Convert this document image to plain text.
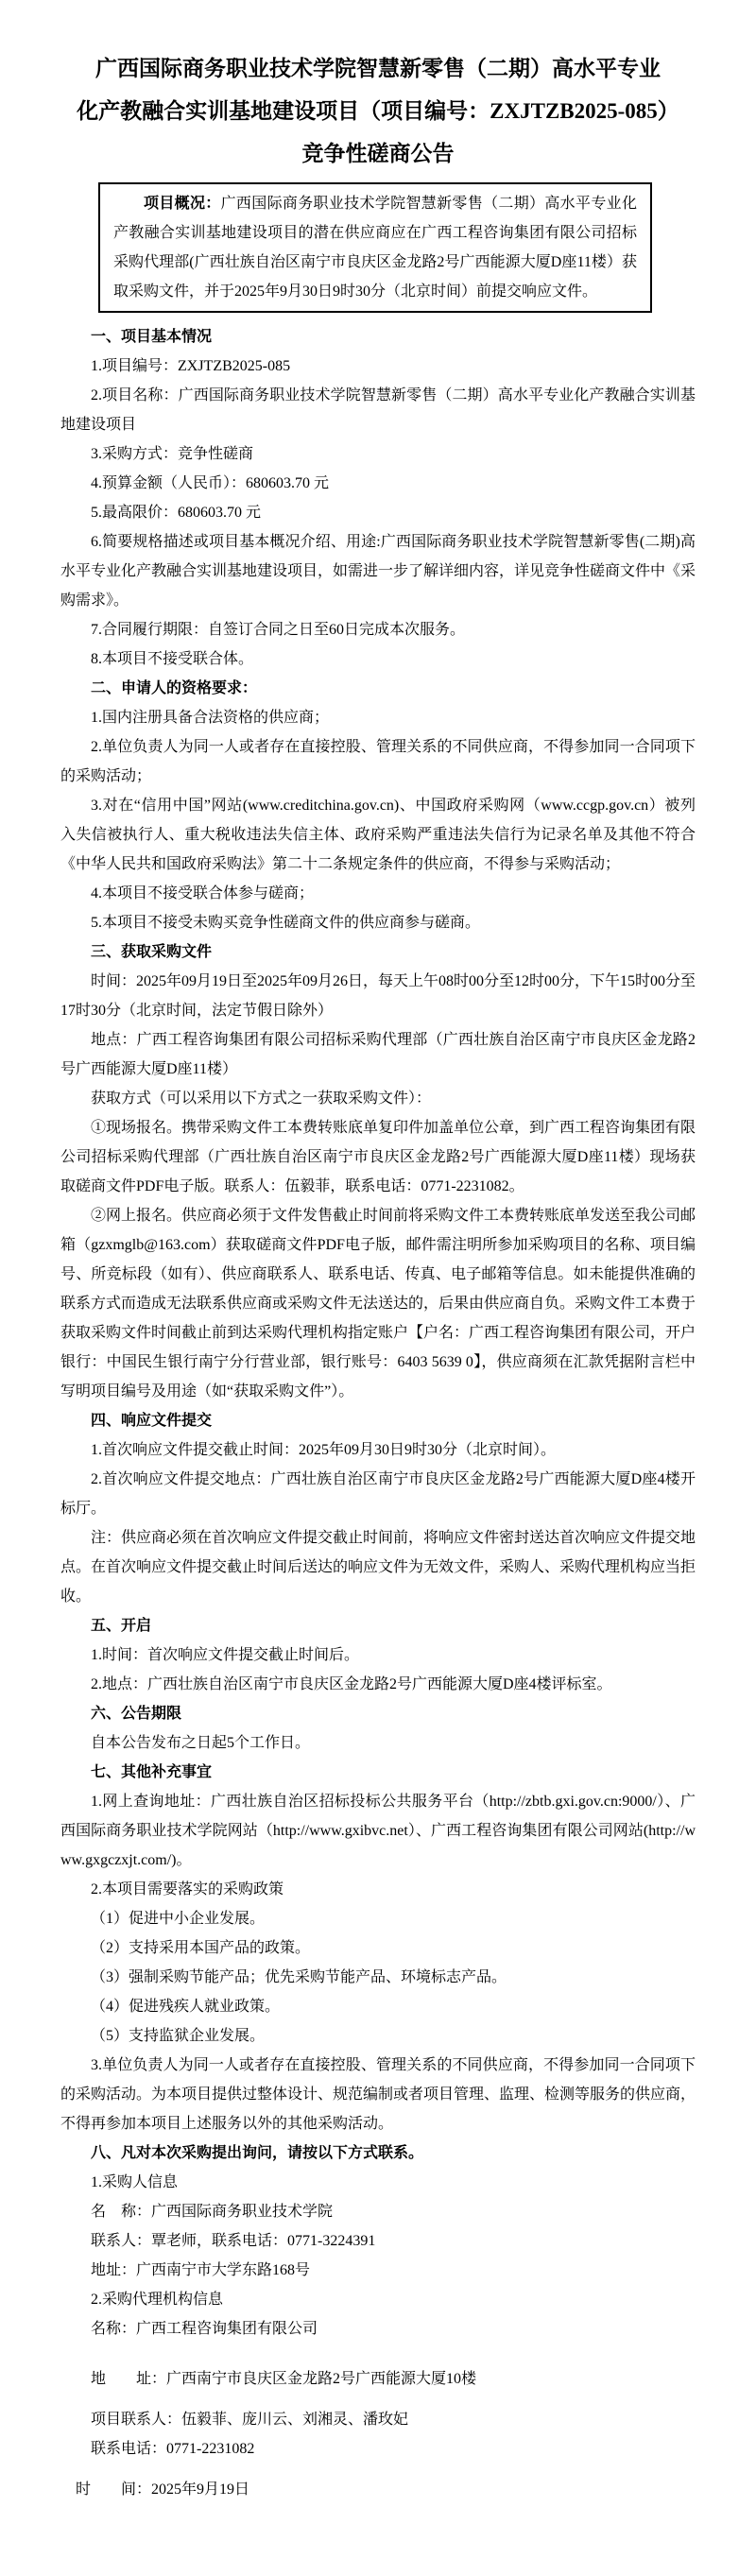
广西国际商务职业技术学院智慧新零售（二期）高水平专业
化产教融合实训基地建设项目（项目编号：ZXJTZB2025-085）
竞争性磋商公告

项目概况：广西国际商务职业技术学院智慧新零售（二期）高水平专业化产教融合实训基地建设项目的潜在供应商应在广西工程咨询集团有限公司招标采购代理部(广西壮族自治区南宁市良庆区金龙路2号广西能源大厦D座11楼）获取采购文件，并于2025年9月30日9时30分（北京时间）前提交响应文件。

一、项目基本情况

1.项目编号：ZXJTZB2025-085

2.项目名称：广西国际商务职业技术学院智慧新零售（二期）高水平专业化产教融合实训基地建设项目

3.采购方式：竞争性磋商

4.预算金额（人民币）：680603.70 元

5.最高限价：680603.70 元

6.简要规格描述或项目基本概况介绍、用途:广西国际商务职业技术学院智慧新零售(二期)高水平专业化产教融合实训基地建设项目，如需进一步了解详细内容，详见竞争性磋商文件中《采购需求》。

7.合同履行期限：自签订合同之日至60日完成本次服务。

8.本项目不接受联合体。

二、申请人的资格要求：

1.国内注册具备合法资格的供应商；

2.单位负责人为同一人或者存在直接控股、管理关系的不同供应商，不得参加同一合同项下的采购活动；

3.对在“信用中国”网站(www.creditchina.gov.cn)、中国政府采购网（www.ccgp.gov.cn）被列入失信被执行人、重大税收违法失信主体、政府采购严重违法失信行为记录名单及其他不符合《中华人民共和国政府采购法》第二十二条规定条件的供应商，不得参与采购活动；

4.本项目不接受联合体参与磋商；

5.本项目不接受未购买竞争性磋商文件的供应商参与磋商。

三、获取采购文件

时间：2025年09月19日至2025年09月26日，每天上午08时00分至12时00分，下午15时00分至17时30分（北京时间，法定节假日除外）

地点：广西工程咨询集团有限公司招标采购代理部（广西壮族自治区南宁市良庆区金龙路2号广西能源大厦D座11楼）

获取方式（可以采用以下方式之一获取采购文件）：

①现场报名。携带采购文件工本费转账底单复印件加盖单位公章，到广西工程咨询集团有限公司招标采购代理部（广西壮族自治区南宁市良庆区金龙路2号广西能源大厦D座11楼）现场获取磋商文件PDF电子版。联系人：伍毅菲，联系电话：0771-2231082。

②网上报名。供应商必须于文件发售截止时间前将采购文件工本费转账底单发送至我公司邮箱（gzxmglb@163.com）获取磋商文件PDF电子版，邮件需注明所参加采购项目的名称、项目编号、所竞标段（如有）、供应商联系人、联系电话、传真、电子邮箱等信息。如未能提供准确的联系方式而造成无法联系供应商或采购文件无法送达的，后果由供应商自负。采购文件工本费于获取采购文件时间截止前到达采购代理机构指定账户【户名：广西工程咨询集团有限公司，开户银行：中国民生银行南宁分行营业部，银行账号：6403 5639 0】，供应商须在汇款凭据附言栏中写明项目编号及用途（如“获取采购文件”）。

四、响应文件提交

1.首次响应文件提交截止时间：2025年09月30日9时30分（北京时间）。

2.首次响应文件提交地点：广西壮族自治区南宁市良庆区金龙路2号广西能源大厦D座4楼开标厅。

注：供应商必须在首次响应文件提交截止时间前，将响应文件密封送达首次响应文件提交地点。在首次响应文件提交截止时间后送达的响应文件为无效文件，采购人、采购代理机构应当拒收。

五、开启

1.时间：首次响应文件提交截止时间后。

2.地点：广西壮族自治区南宁市良庆区金龙路2号广西能源大厦D座4楼评标室。

六、公告期限

自本公告发布之日起5个工作日。

七、其他补充事宜

1.网上查询地址：广西壮族自治区招标投标公共服务平台（http://zbtb.gxi.gov.cn:9000/）、广西国际商务职业技术学院网站（http://www.gxibvc.net）、广西工程咨询集团有限公司网站(http://www.gxgczxjt.com/)。

2.本项目需要落实的采购政策

（1）促进中小企业发展。

（2）支持采用本国产品的政策。

（3）强制采购节能产品；优先采购节能产品、环境标志产品。

（4）促进残疾人就业政策。

（5）支持监狱企业发展。

3.单位负责人为同一人或者存在直接控股、管理关系的不同供应商，不得参加同一合同项下的采购活动。为本项目提供过整体设计、规范编制或者项目管理、监理、检测等服务的供应商，不得再参加本项目上述服务以外的其他采购活动。

八、凡对本次采购提出询问，请按以下方式联系。

1.采购人信息

名　称：广西国际商务职业技术学院

联系人：覃老师，联系电话：0771-3224391

地址：广西南宁市大学东路168号

2.采购代理机构信息

名称：广西工程咨询集团有限公司

地　　址：广西南宁市良庆区金龙路2号广西能源大厦10楼

项目联系人：伍毅菲、庞川云、刘湘灵、潘玫妃

联系电话：0771-2231082

时　　间：2025年9月19日
